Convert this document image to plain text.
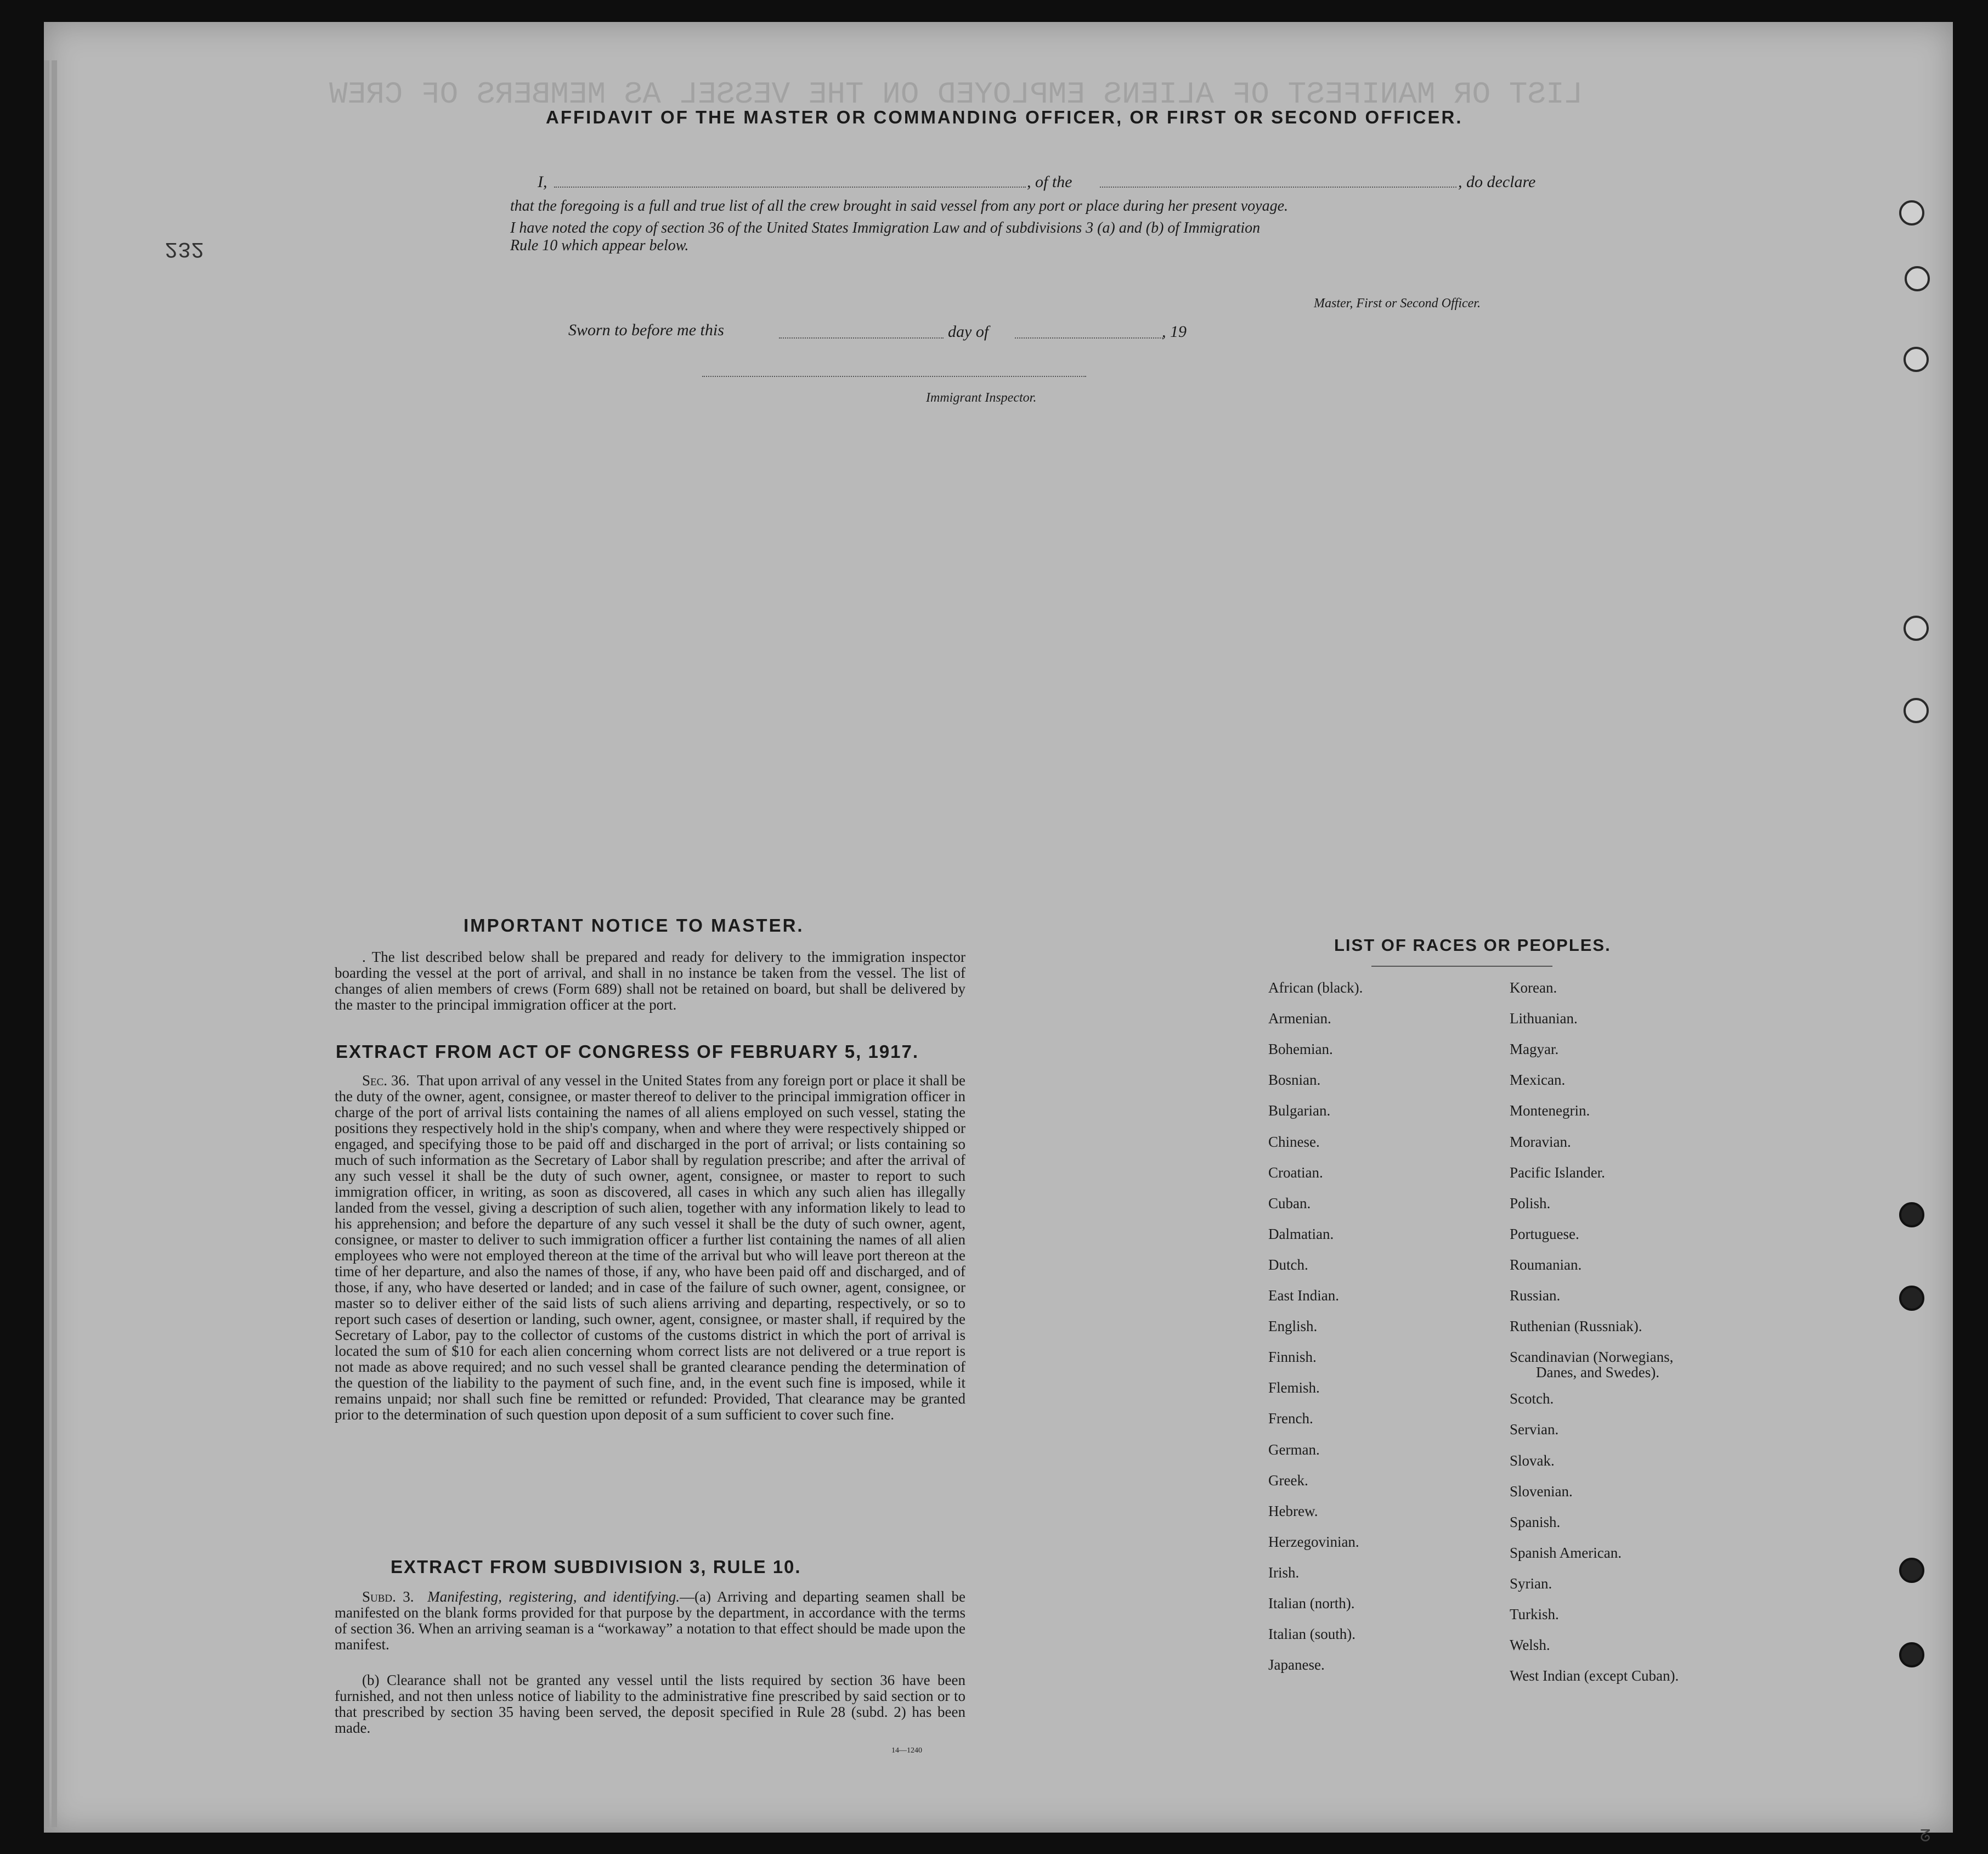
232
AFFIDAVIT OF THE MASTER OR COMMANDING OFFICER, OR FIRST OR SECOND OFFICER.
I,	, of the	, do declare
that the foregoing is a full and true list of all the crew brought in said vessel from any port or place during her present voyage.
I have noted the copy of section 36 of the United States Immigration Law and of subdivisions 3 (a) and (b) of Immigration
Rule 10 which appear below.
Master, First or Second Officer.
Sworn to before me this	day of	, 19
Immigrant Inspector.
LIST OR MANIFEST OF ALIENS EMPLOYED ON THE VESSEL AS MEMBERS OF CREW
IMPORTANT NOTICE TO MASTER.
. The list described below shall be prepared and ready for delivery to the immigration inspector boarding the vessel at the port of arrival, and shall in no instance be taken from the vessel. The list of changes of alien members of crews (Form 689) shall not be retained on board, but shall be delivered by the master to the principal immigration officer at the port.
EXTRACT FROM ACT OF CONGRESS OF FEBRUARY 5, 1917.
Sec. 36. That upon arrival of any vessel in the United States from any foreign port or place it shall be the duty of the owner, agent, consignee, or master thereof to deliver to the principal immigration officer in charge of the port of arrival lists containing the names of all aliens employed on such vessel, stating the positions they respectively hold in the ship's company, when and where they were respectively shipped or engaged, and specifying those to be paid off and discharged in the port of arrival; or lists containing so much of such information as the Secretary of Labor shall by regulation prescribe; and after the arrival of any such vessel it shall be the duty of such owner, agent, consignee, or master to report to such immigration officer, in writing, as soon as discovered, all cases in which any such alien has illegally landed from the vessel, giving a description of such alien, together with any information likely to lead to his apprehension; and before the departure of any such vessel it shall be the duty of such owner, agent, consignee, or master to deliver to such immigration officer a further list containing the names of all alien employees who were not employed thereon at the time of the arrival but who will leave port thereon at the time of her departure, and also the names of those, if any, who have been paid off and discharged, and of those, if any, who have deserted or landed; and in case of the failure of such owner, agent, consignee, or master so to deliver either of the said lists of such aliens arriving and departing, respectively, or so to report such cases of desertion or landing, such owner, agent, consignee, or master shall, if required by the Secretary of Labor, pay to the collector of customs of the customs district in which the port of arrival is located the sum of $10 for each alien concerning whom correct lists are not delivered or a true report is not made as above required; and no such vessel shall be granted clearance pending the determination of the question of the liability to the payment of such fine, and, in the event such fine is imposed, while it remains unpaid; nor shall such fine be remitted or refunded: Provided, That clearance may be granted prior to the determination of such question upon deposit of a sum sufficient to cover such fine.
EXTRACT FROM SUBDIVISION 3, RULE 10.
Subd. 3. Manifesting, registering, and identifying.—(a) Arriving and departing seamen shall be manifested on the blank forms provided for that purpose by the department, in accordance with the terms of section 36. When an arriving seaman is a “workaway” a notation to that effect should be made upon the manifest.
(b) Clearance shall not be granted any vessel until the lists required by section 36 have been furnished, and not then unless notice of liability to the administrative fine prescribed by said section or to that prescribed by section 35 having been served, the deposit specified in Rule 28 (subd. 2) has been made.
14—1240
LIST OF RACES OR PEOPLES.
African (black).
Armenian.
Bohemian.
Bosnian.
Bulgarian.
Chinese.
Croatian.
Cuban.
Dalmatian.
Dutch.
East Indian.
English.
Finnish.
Flemish.
French.
German.
Greek.
Hebrew.
Herzegovinian.
Irish.
Italian (north).
Italian (south).
Japanese.
Korean.
Lithuanian.
Magyar.
Mexican.
Montenegrin.
Moravian.
Pacific Islander.
Polish.
Portuguese.
Roumanian.
Russian.
Ruthenian (Russniak).
Scandinavian (Norwegians,
Danes, and Swedes).
Scotch.
Servian.
Slovak.
Slovenian.
Spanish.
Spanish American.
Syrian.
Turkish.
Welsh.
West Indian (except Cuban).
ᘔ
